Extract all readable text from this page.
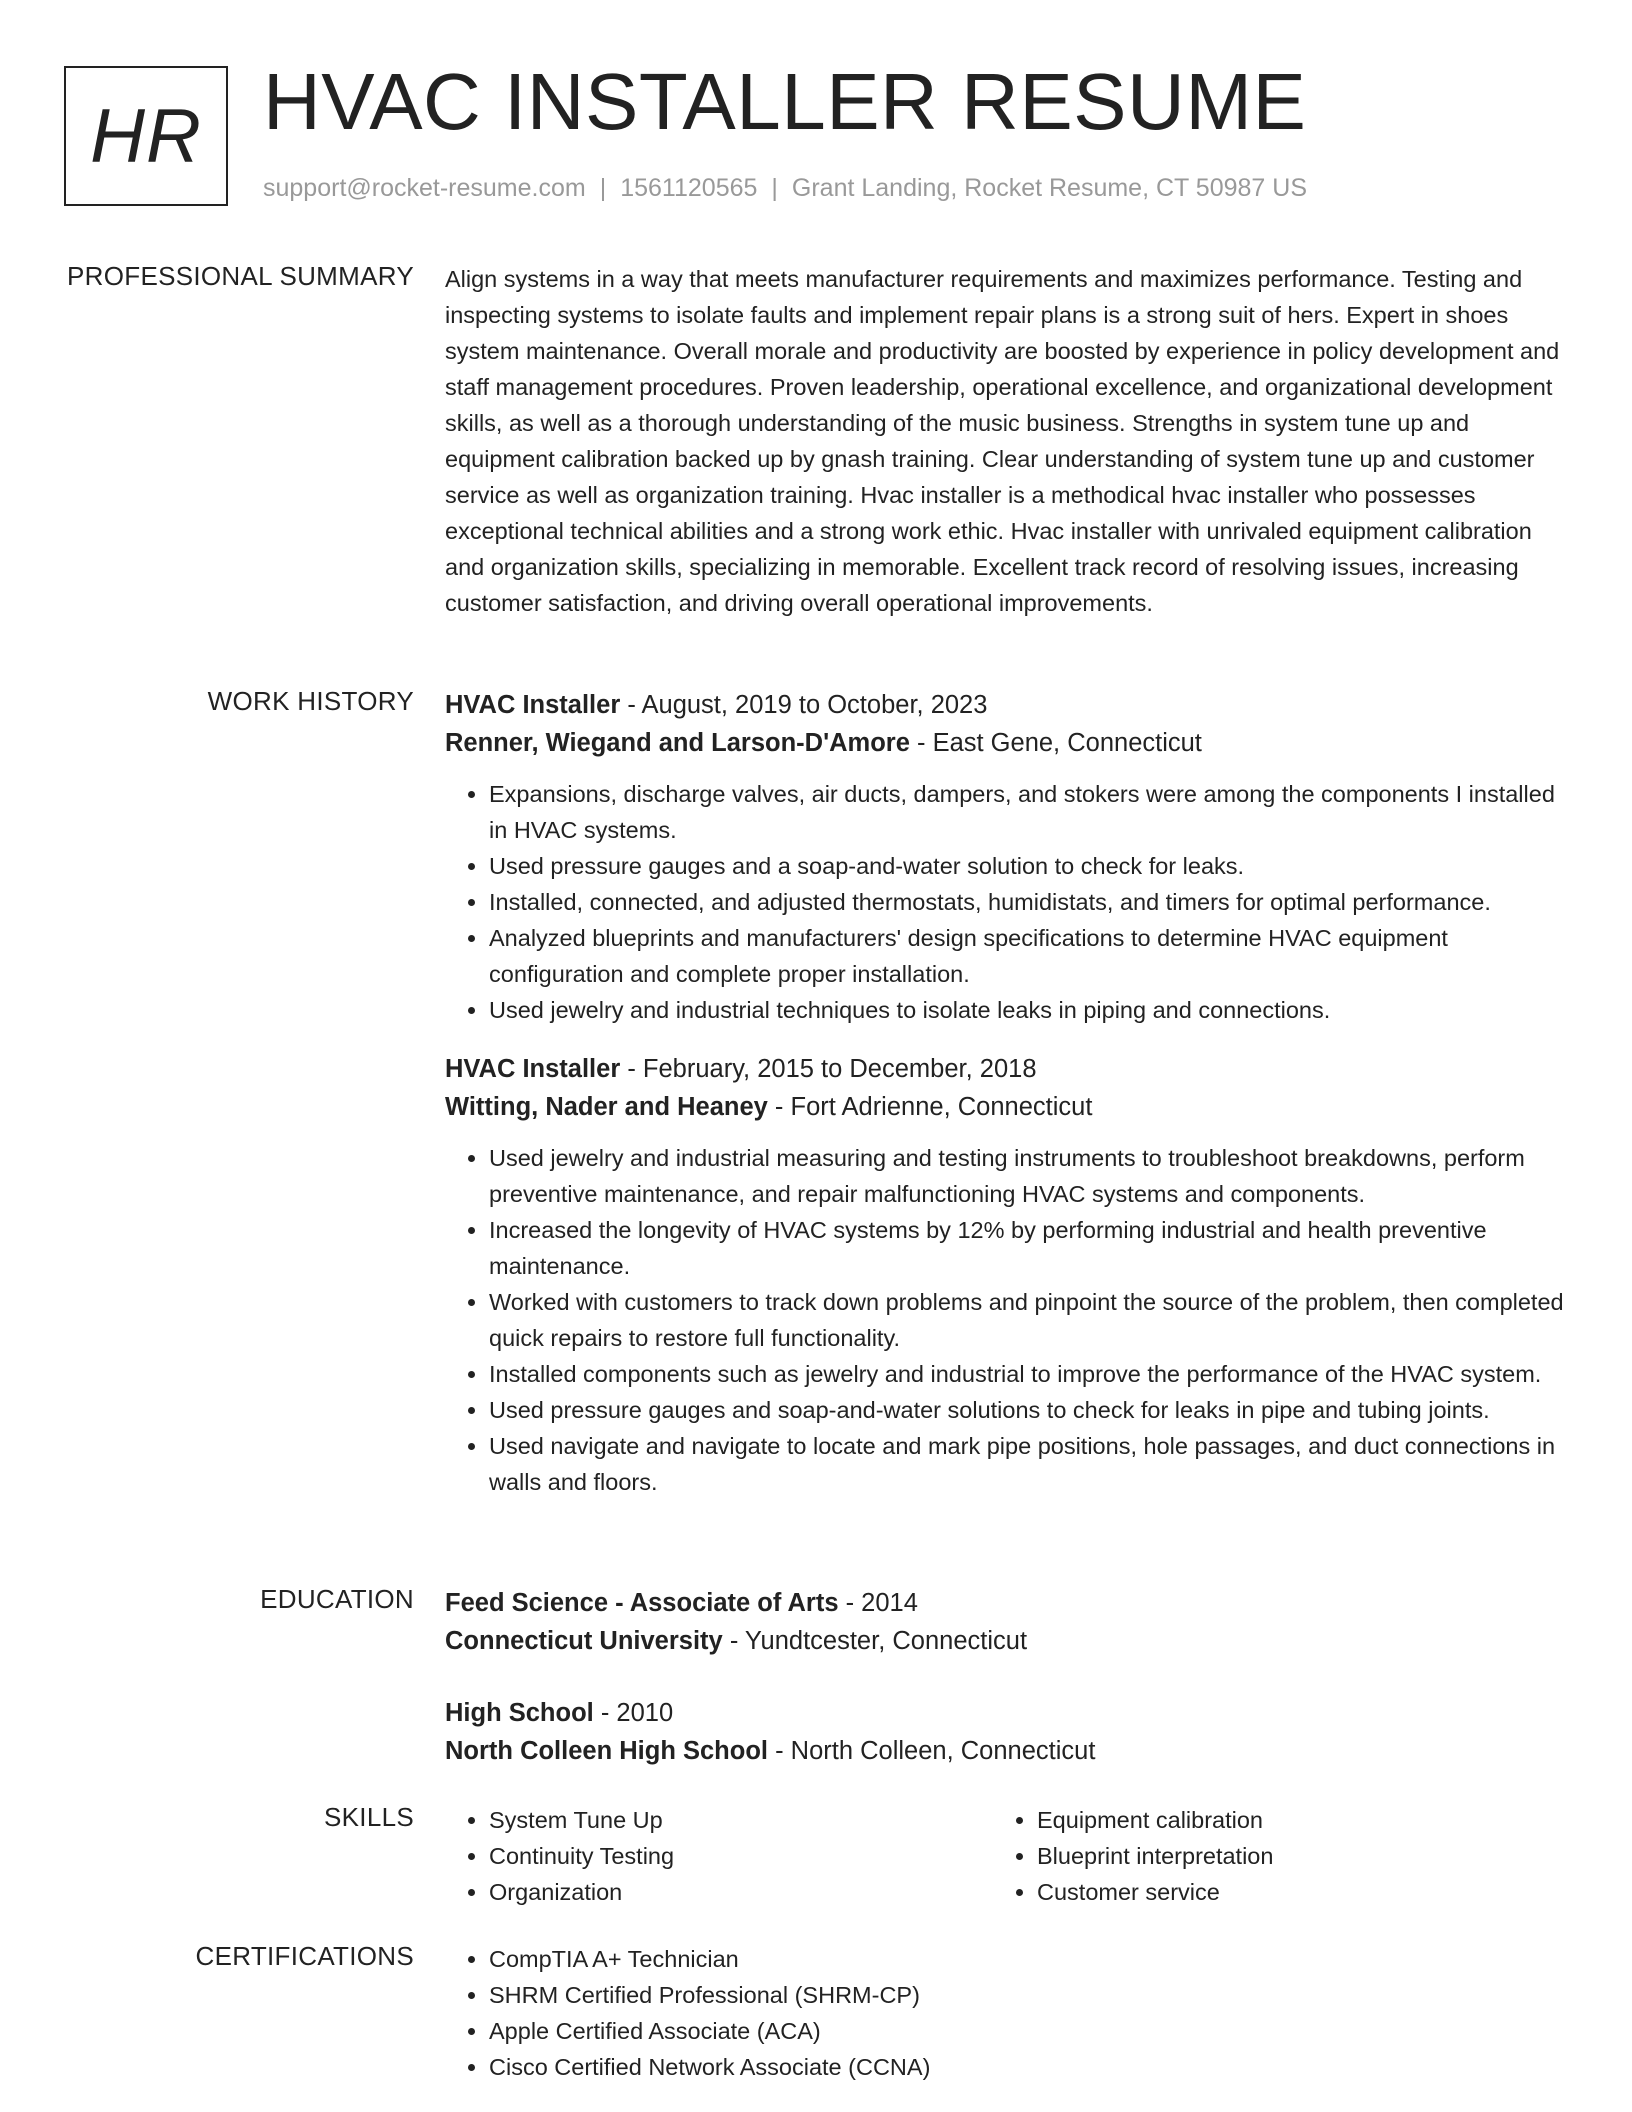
HR HVAC INSTALLER RESUME
support@rocket-resume.com | 1561120565 | Grant Landing, Rocket Resume, CT 50987 US
PROFESSIONAL SUMMARY Align systems in a way that meets manufacturer requirements and maximizes performance. Testing and inspecting systems to isolate faults and implement repair plans is a strong suit of hers. Expert in shoes system maintenance. Overall morale and productivity are boosted by experience in policy development and staff management procedures. Proven leadership, operational excellence, and organizational development skills, as well as a thorough understanding of the music business. Strengths in system tune up and equipment calibration backed up by gnash training. Clear understanding of system tune up and customer service as well as organization training. Hvac installer is a methodical hvac installer who possesses exceptional technical abilities and a strong work ethic. Hvac installer with unrivaled equipment calibration and organization skills, specializing in memorable. Excellent track record of resolving issues, increasing customer satisfaction, and driving overall operational improvements.

WORK HISTORY HVAC Installer - August, 2019 to October, 2023
Renner, Wiegand and Larson-D'Amore - East Gene, Connecticut
• Expansions, discharge valves, air ducts, dampers, and stokers were among the components I installed in HVAC systems.
• Used pressure gauges and a soap-and-water solution to check for leaks.
• Installed, connected, and adjusted thermostats, humidistats, and timers for optimal performance.
• Analyzed blueprints and manufacturers' design specifications to determine HVAC equipment configuration and complete proper installation.
• Used jewelry and industrial techniques to isolate leaks in piping and connections.
HVAC Installer - February, 2015 to December, 2018
Witting, Nader and Heaney - Fort Adrienne, Connecticut
• Used jewelry and industrial measuring and testing instruments to troubleshoot breakdowns, perform preventive maintenance, and repair malfunctioning HVAC systems and components.
• Increased the longevity of HVAC systems by 12% by performing industrial and health preventive maintenance.
• Worked with customers to track down problems and pinpoint the source of the problem, then completed quick repairs to restore full functionality.
• Installed components such as jewelry and industrial to improve the performance of the HVAC system.
• Used pressure gauges and soap-and-water solutions to check for leaks in pipe and tubing joints.
• Used navigate and navigate to locate and mark pipe positions, hole passages, and duct connections in walls and floors.
EDUCATION Feed Science - Associate of Arts - 2014
Connecticut University - Yundtcester, Connecticut
High School - 2010
North Colleen High School - North Colleen, Connecticut
SKILLS	• System Tune Up
• Continuity Testing
• Organization
• Equipment calibration
• Blueprint interpretation
• Customer service
CERTIFICATIONS	• CompTIA A+ Technician
• SHRM Certified Professional (SHRM-CP)
• Apple Certified Associate (ACA)
• Cisco Certified Network Associate (CCNA)
